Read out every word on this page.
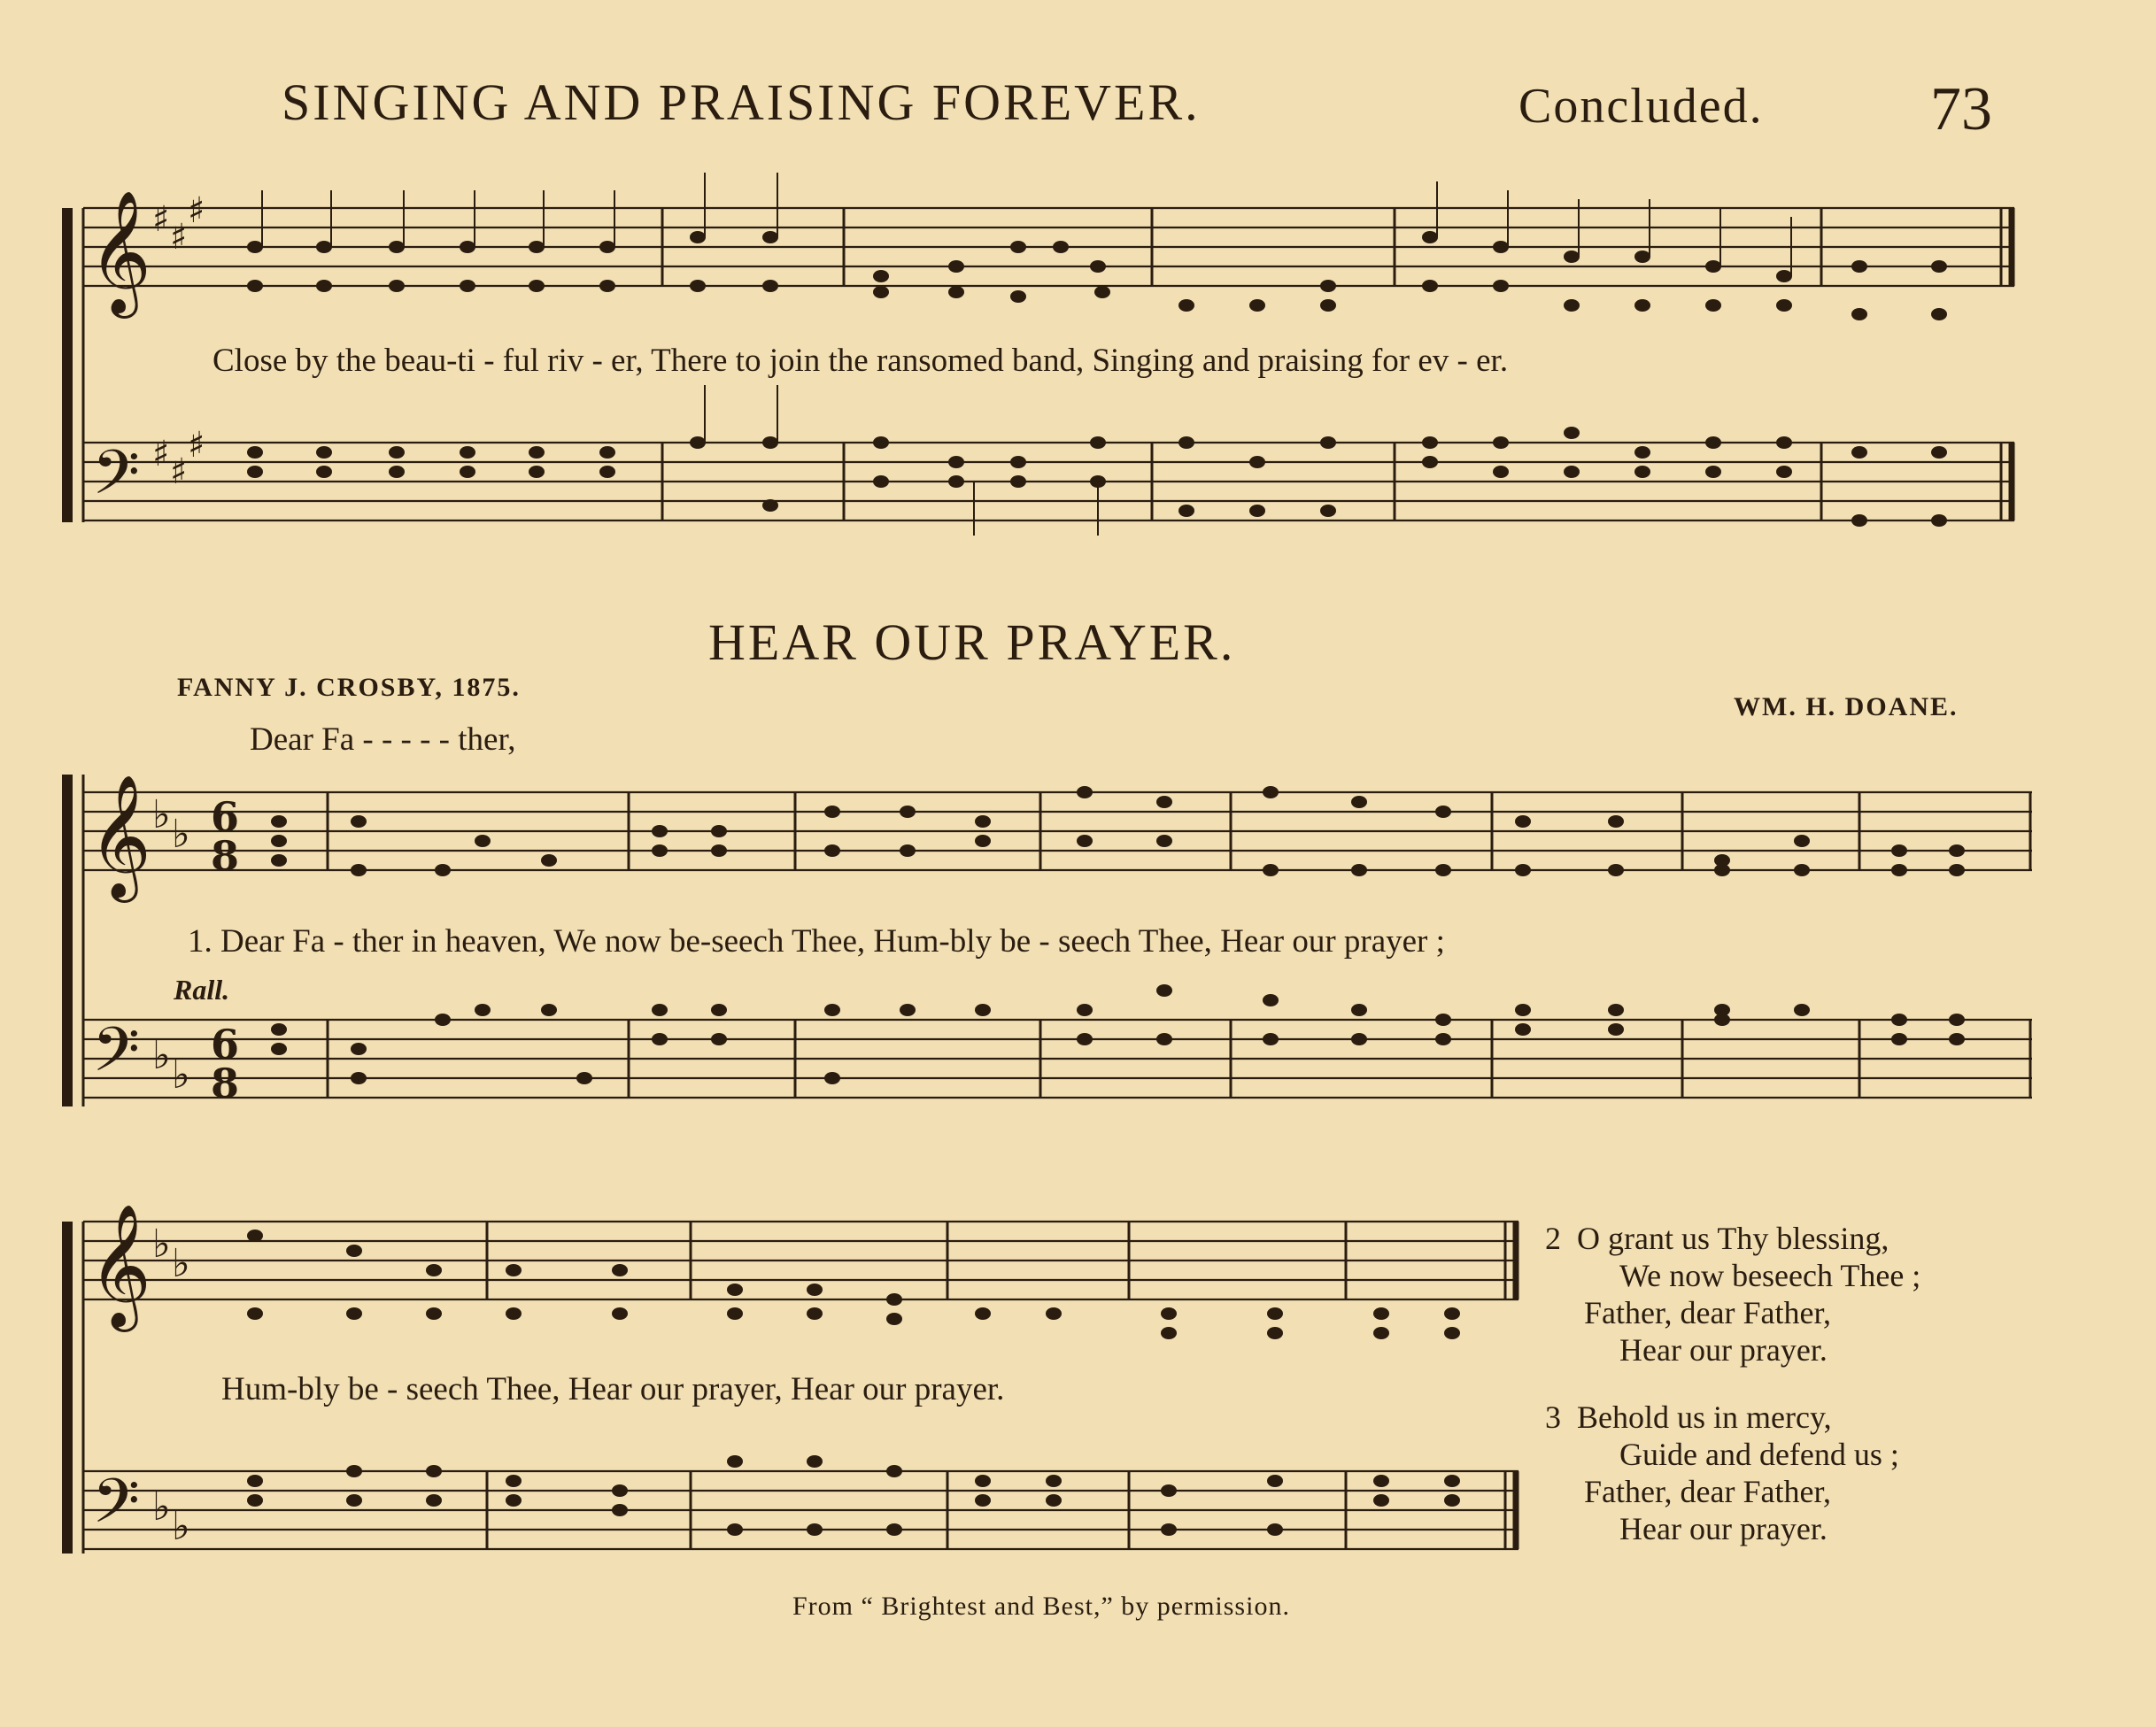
SINGING AND PRAISING FOREVER.	Concluded.	73
𝄞
𝄢
♯ ♯
♯
♯ ♯
♯
Close by the beau-ti - ful riv - er, There to join the ransomed band, Singing and praising for ev - er.
HEAR OUR PRAYER.
FANNY J. CROSBY, 1875.
WM. H. DOANE.
Dear Fa - - - - - ther,
𝄞
𝄢
♭ ♭
♭ ♭
6
8
6
8
1. Dear Fa - ther in heaven, We now be-seech Thee, Hum-bly be - seech Thee, Hear our prayer ;
Rall.
𝄞
𝄢
♭ ♭
♭ ♭
Hum-bly be - seech Thee, Hear our prayer, Hear our prayer.
2 O grant us Thy blessing,
We now beseech Thee ;
Father, dear Father,
Hear our prayer.
3 Behold us in mercy,
Guide and defend us ;
Father, dear Father,
Hear our prayer.
From “ Brightest and Best,” by permission.
